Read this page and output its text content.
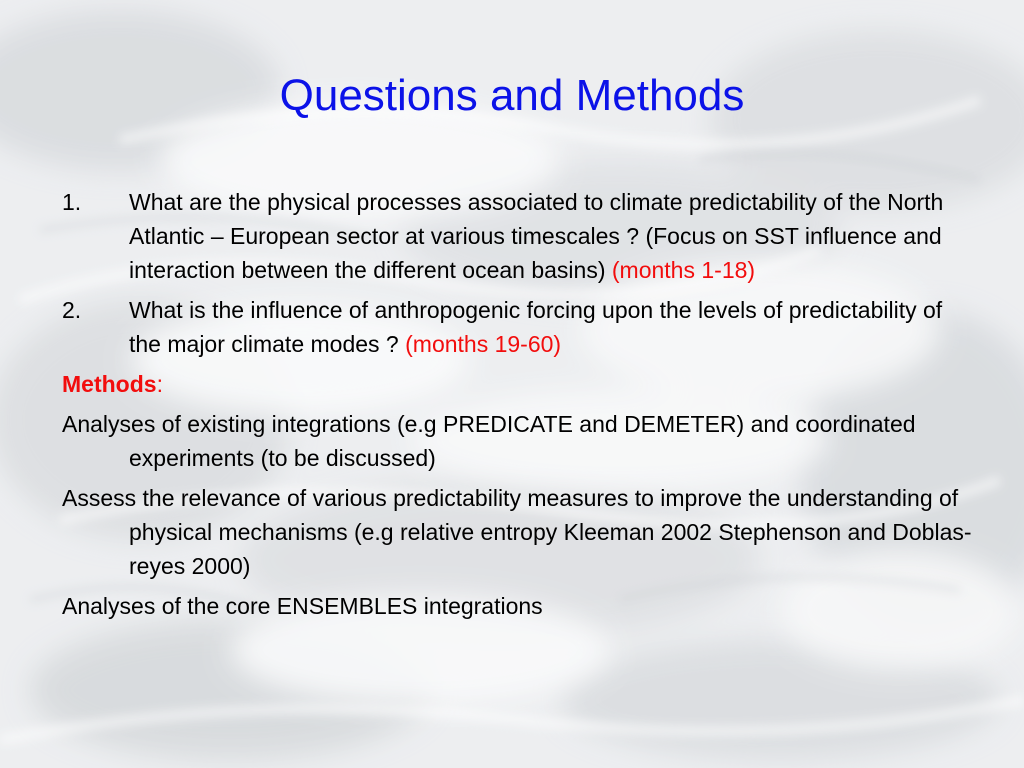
Questions and Methods
1. What are the physical processes associated to climate predictability of the North Atlantic – European sector at various timescales ? (Focus on SST influence and interaction between the different ocean basins) (months 1-18)
2. What is the influence of anthropogenic forcing upon the levels of predictability of the major climate modes ? (months 19-60)
Methods:
Analyses of existing integrations (e.g PREDICATE and DEMETER) and coordinated experiments (to be discussed)
Assess the relevance of various predictability measures to improve the understanding of physical mechanisms (e.g relative entropy Kleeman 2002 Stephenson and Doblas-reyes 2000)
Analyses of the core ENSEMBLES integrations
